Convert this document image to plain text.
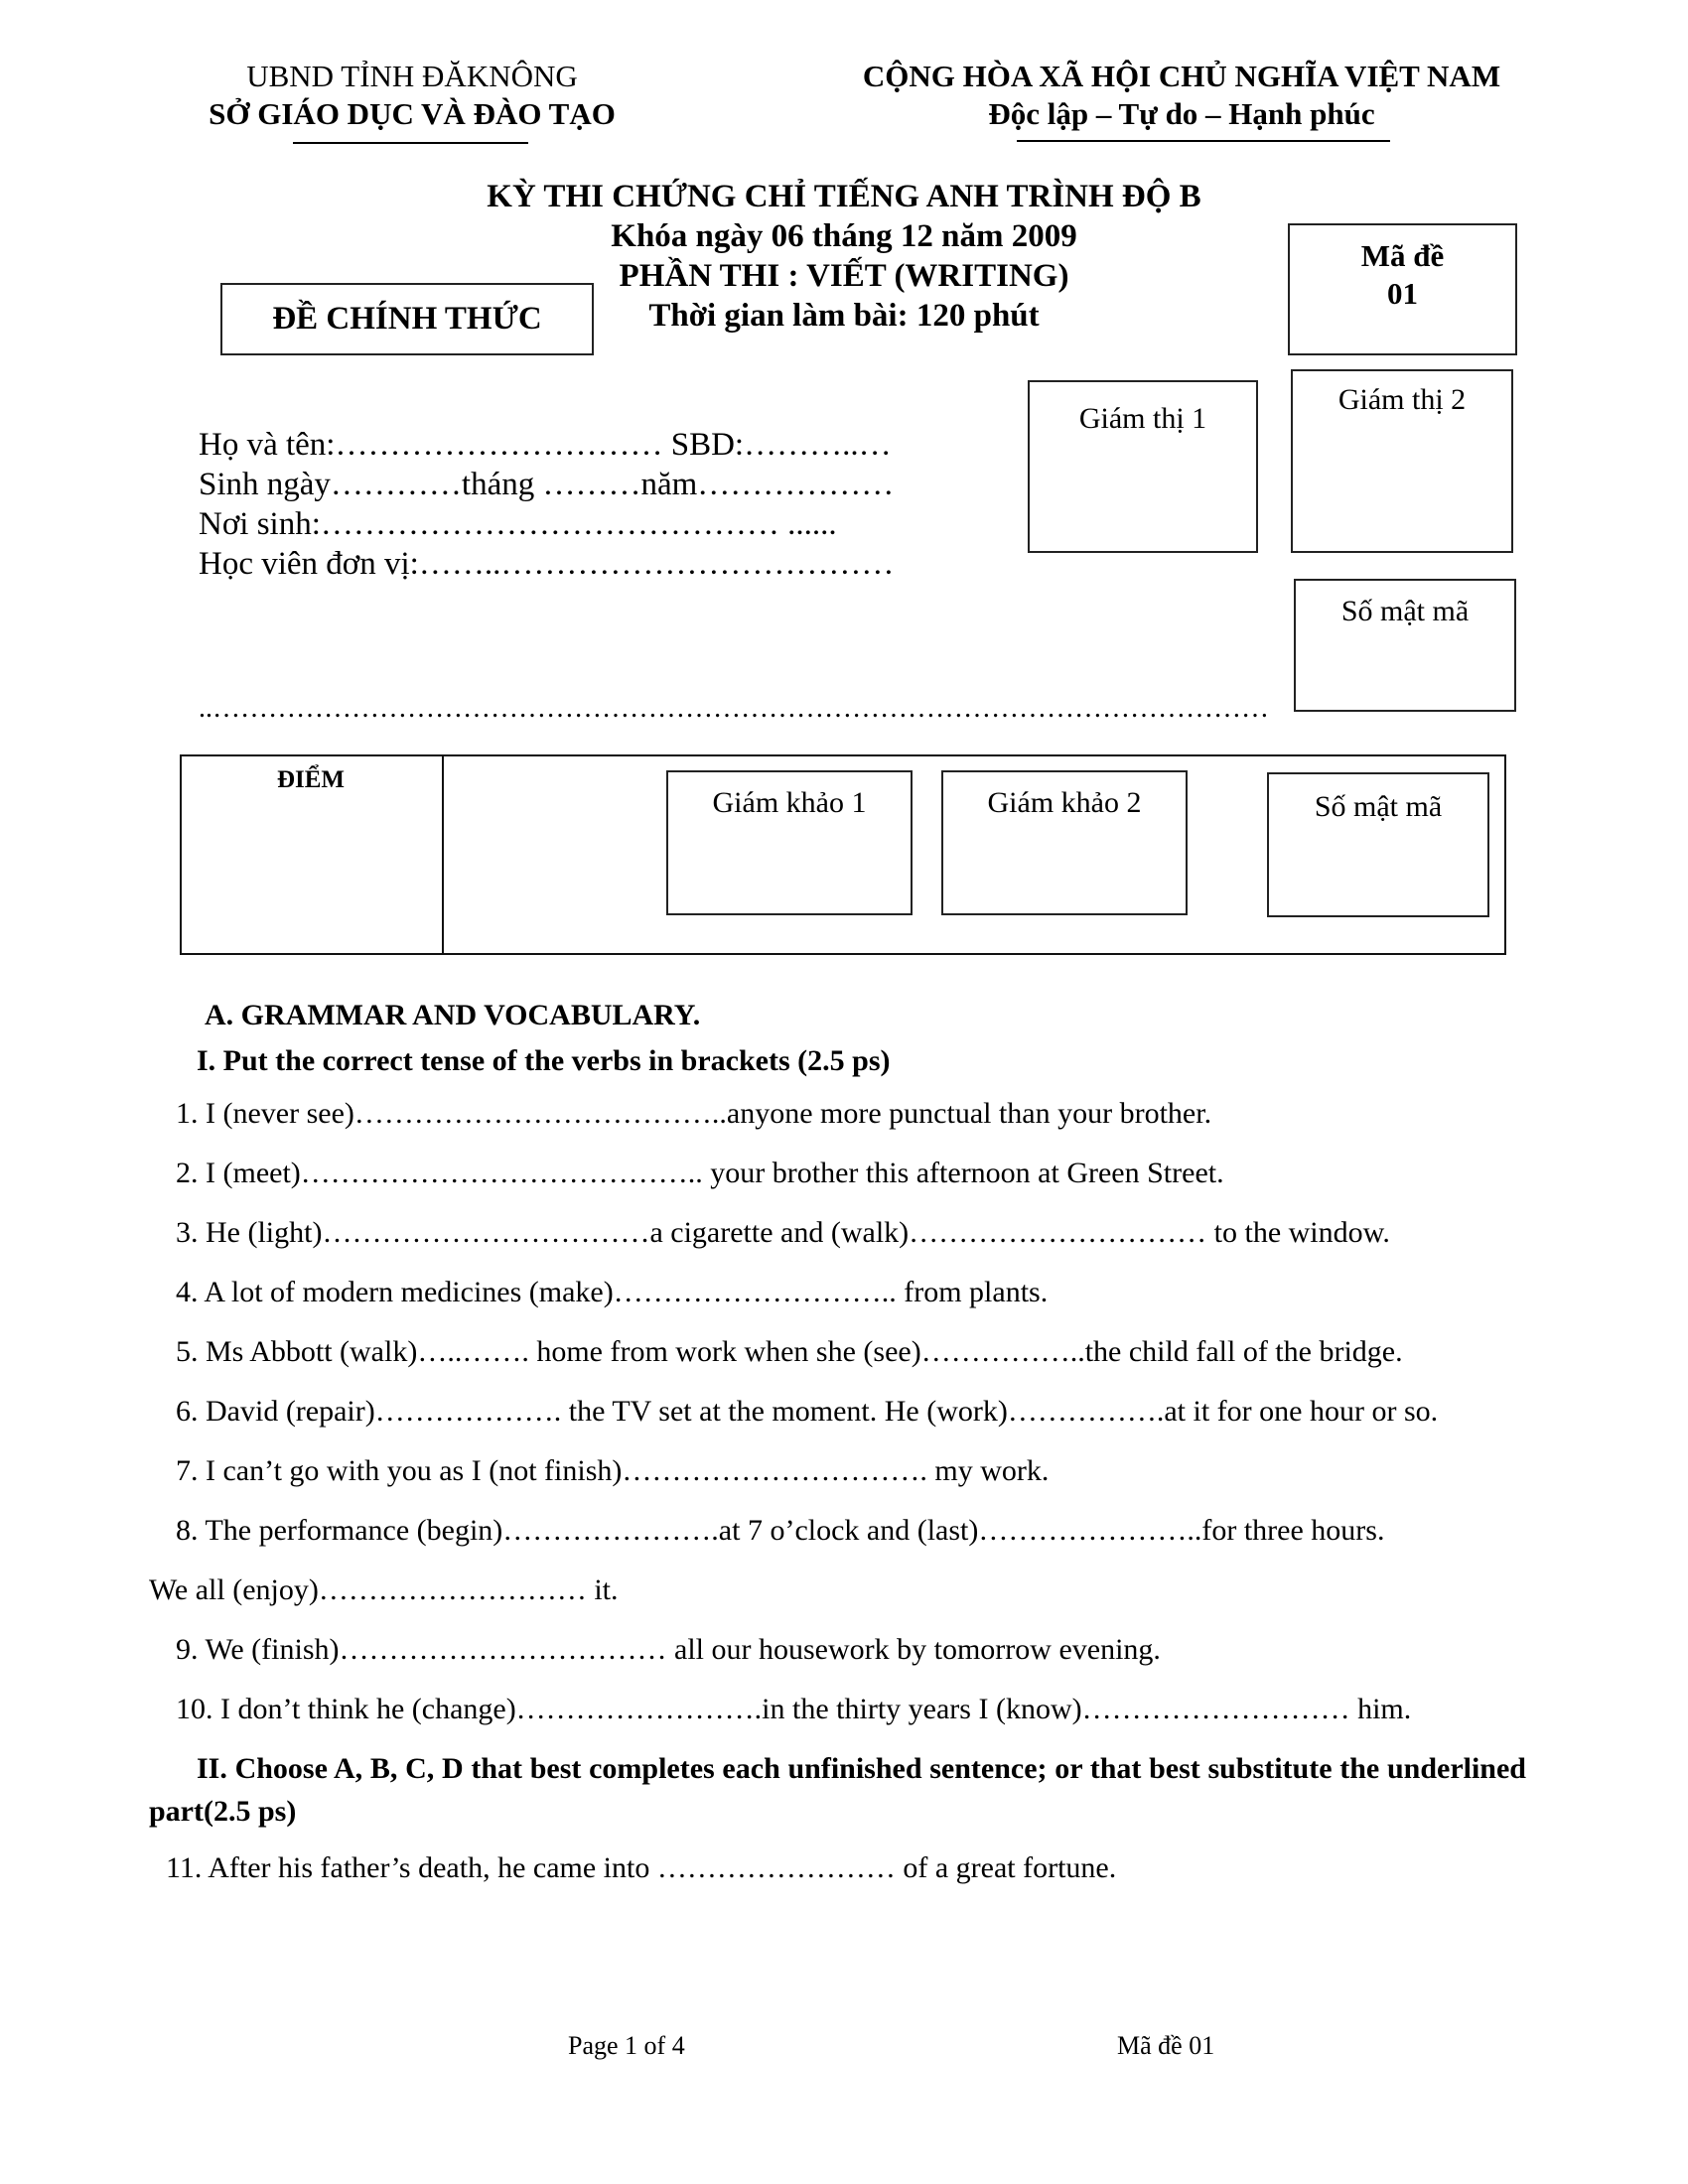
UBND TỈNH ĐĂKNÔNG
SỞ GIÁO DỤC VÀ ĐÀO TẠO
CỘNG HÒA XÃ HỘI CHỦ NGHĨA VIỆT NAM
Độc lập – Tự do – Hạnh phúc
KỲ THI CHỨNG CHỈ TIẾNG ANH TRÌNH ĐỘ B
Khóa ngày 06 tháng 12 năm 2009
PHẦN THI : VIẾT (WRITING)
Thời gian làm bài: 120 phút
ĐỀ CHÍNH THỨC
Mã đề
01
Giám thị 1
Giám thị 2
Số mật mã
Họ và tên:………………………… SBD:………..…
Sinh ngày…………tháng ………năm………………
Nơi sinh:…………………………………… ......
Học viên đơn vị:……..………………………………
..……………………………………………………………………………………………………
ĐIỂM
Giám khảo 1	Giám khảo 2	Số mật mã
A. GRAMMAR AND VOCABULARY.
I. Put the correct tense of the verbs in brackets (2.5 ps)

1. I (never see)………………………………..anyone more punctual than your brother.

2. I (meet)………………………………….. your brother this afternoon at Green Street.

3. He (light)……………………………a cigarette and (walk)………………………… to the window.

4. A lot of modern medicines (make)……………………….. from plants.

5. Ms Abbott (walk)…..……. home from work when she (see)……………..the child fall of the bridge.

6. David (repair)………………. the TV set at the moment. He (work)…………….at it for one hour or so.

7. I can’t go with you as I (not finish)…………………………. my work.

8. The performance (begin)………………….at 7 o’clock and (last)…………………..for three hours.

We all (enjoy)……………………… it.

9. We (finish)…………………………… all our housework by tomorrow evening.

10. I don’t think he (change)…………………….in the thirty years I (know)……………………… him.

II. Choose A, B, C, D that best completes each unfinished sentence; or that best substitute the underlined part(2.5 ps)

11. After his father’s death, he came into …………………… of a great fortune.

Page 1 of 4	Mã đề 01
